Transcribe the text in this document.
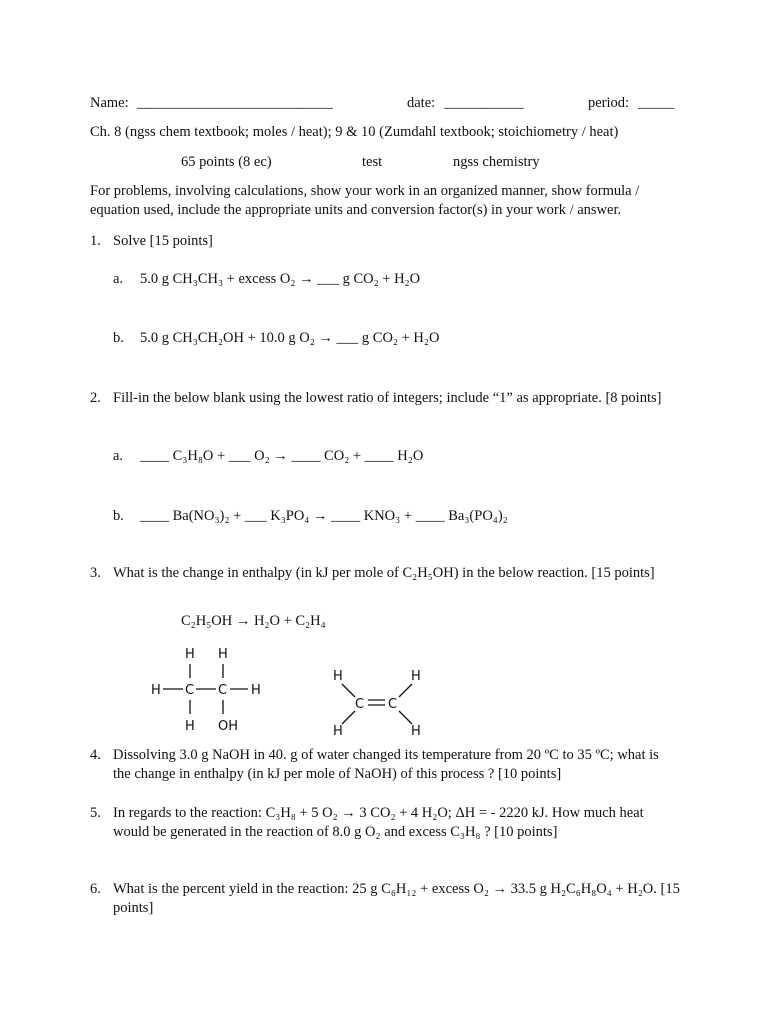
Name: ___________________________	date: ___________	period: _____
Ch. 8 (ngss chem textbook; moles / heat); 9 & 10 (Zumdahl textbook; stoichiometry / heat)
65 points (8 ec)	test	ngss chemistry
For problems, involving calculations, show your work in an organized manner, show formula / equation used, include the appropriate units and conversion factor(s) in your work / answer.
1. Solve [15 points]
a. 5.0 g CH₃CH₃ + excess O₂ → ___ g CO₂ + H₂O
b. 5.0 g CH₃CH₂OH + 10.0 g O₂ → ___ g CO₂ + H₂O
2. Fill-in the below blank using the lowest ratio of integers; include “1” as appropriate. [8 points]
a. ____ C₃H₈O + ___ O₂ → ____ CO₂ + ____ H₂O
b. ____ Ba(NO₃)₂ + ___ K₃PO₄ → ____ KNO₃ + ____ Ba₃(PO₄)₂
3. What is the change in enthalpy (in kJ per mole of C₂H₅OH) in the below reaction. [15 points]
C₂H₅OH → H₂O + C₂H₄
H H
H C C H
H OH
H	H
C C
H	H
4. Dissolving 3.0 g NaOH in 40. g of water changed its temperature from 20 ºC to 35 ºC; what is the change in enthalpy (in kJ per mole of NaOH) of this process ? [10 points]
5. In regards to the reaction: C₃H₈ + 5 O₂ → 3 CO₂ + 4 H₂O; ΔH = - 2220 kJ. How much heat would be generated in the reaction of 8.0 g O₂ and excess C₃H₈ ? [10 points]
6. What is the percent yield in the reaction: 25 g C₆H₁₂ + excess O₂ → 33.5 g H₂C₆H₈O₄ + H₂O. [15 points]
